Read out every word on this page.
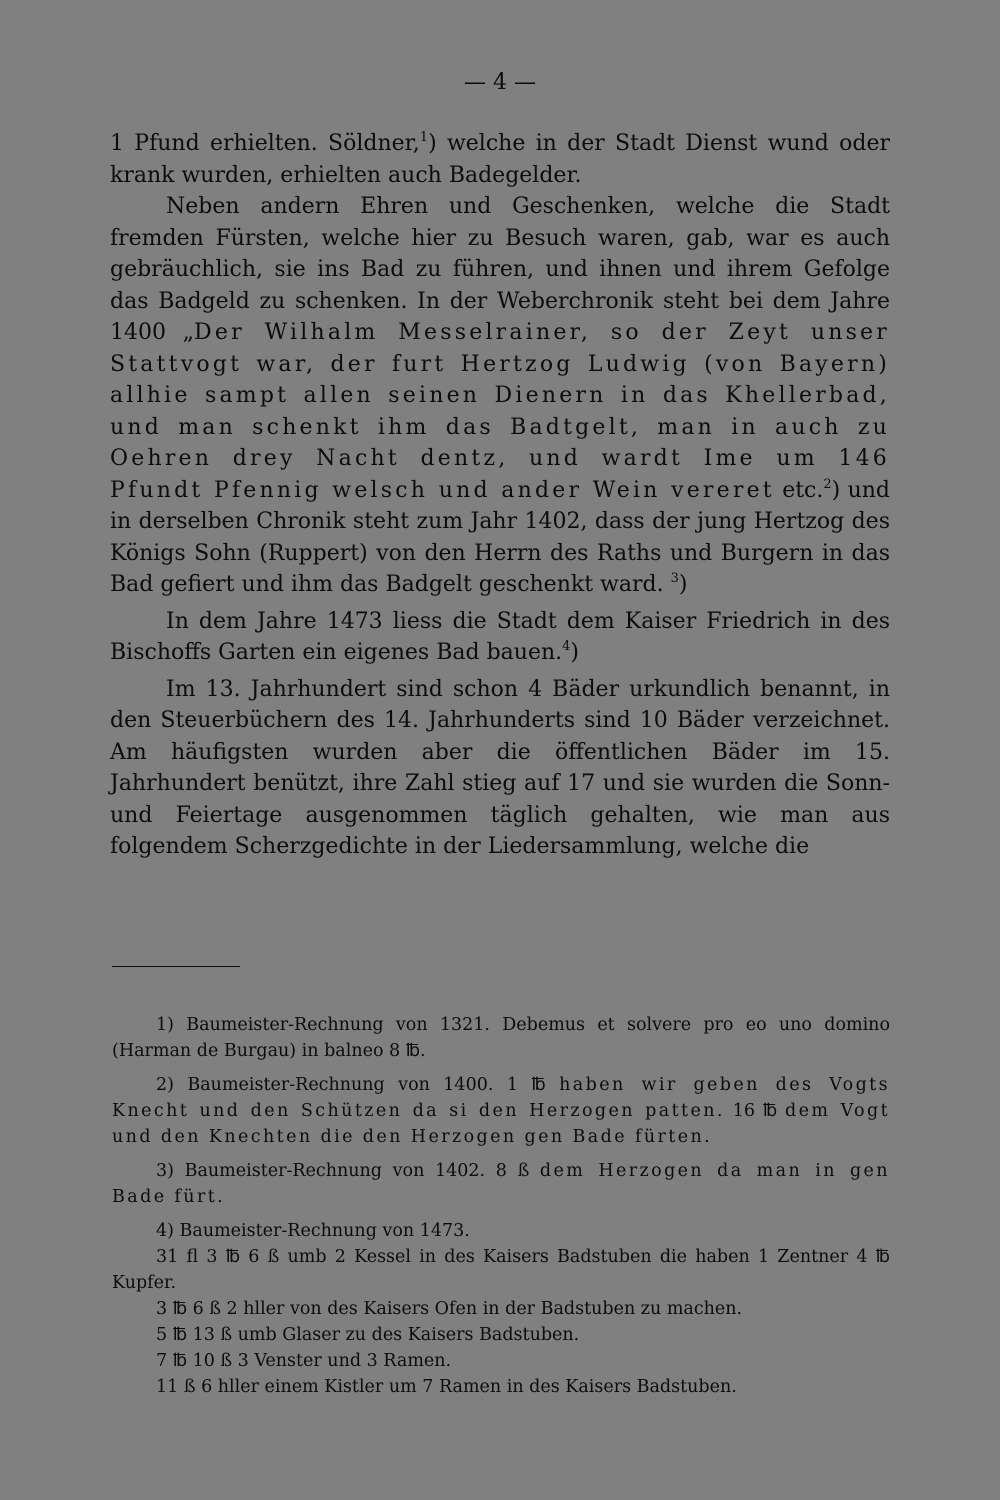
— 4 —

1 Pfund erhielten. Söldner,$^1$) welche in der Stadt Dienst wund oder krank wurden, erhielten auch Badegelder.

Neben andern Ehren und Geschenken, welche die Stadt fremden Fürsten, welche hier zu Besuch waren, gab, war es auch gebräuchlich, sie ins Bad zu führen, und ihnen und ihrem Gefolge das Badgeld zu schenken. In der Weberchronik steht bei dem Jahre 1400 „Der Wilhalm Messelrainer, so der Zeyt unser Stattvogt war, der furt Hertzog Ludwig (von Bayern) allhie sampt allen seinen Dienern in das Khellerbad, und man schenkt ihm das Badtgelt, man in auch zu Oehren drey Nacht dentz, und wardt Ime um 146 Pfundt Pfennig welsch und ander Wein vereret etc.$^2$) und in derselben Chronik steht zum Jahr 1402, dass der jung Hertzog des Königs Sohn (Ruppert) von den Herrn des Raths und Burgern in das Bad gefiert und ihm das Badgelt geschenkt ward. $^3$)

In dem Jahre 1473 liess die Stadt dem Kaiser Friedrich in des Bischoffs Garten ein eigenes Bad bauen.$^4$)

Im 13. Jahrhundert sind schon 4 Bäder urkundlich benannt, in den Steuerbüchern des 14. Jahrhunderts sind 10 Bäder verzeichnet. Am häufigsten wurden aber die öffentlichen Bäder im 15. Jahrhundert benützt, ihre Zahl stieg auf 17 und sie wurden die Sonn- und Feiertage ausgenommen täglich gehalten, wie man aus folgendem Scherzgedichte in der Liedersammlung, welche die

1) Baumeister-Rechnung von 1321. Debemus et solvere pro eo uno domino (Harman de Burgau) in balneo 8 ℔.

2) Baumeister-Rechnung von 1400. 1 ℔ haben wir geben des Vogts Knecht und den Schützen da si den Herzogen patten. 16 ℔ dem Vogt und den Knechten die den Herzogen gen Bade fürten.

3) Baumeister-Rechnung von 1402. 8 ß dem Herzogen da man in gen Bade fürt.

4) Baumeister-Rechnung von 1473.

31 fl 3 ℔ 6 ß umb 2 Kessel in des Kaisers Badstuben die haben 1 Zentner 4 ℔ Kupfer.

3 ℔ 6 ß 2 hller von des Kaisers Ofen in der Badstuben zu machen.

5 ℔ 13 ß umb Glaser zu des Kaisers Badstuben.

7 ℔ 10 ß 3 Venster und 3 Ramen.

11 ß 6 hller einem Kistler um 7 Ramen in des Kaisers Badstuben.
